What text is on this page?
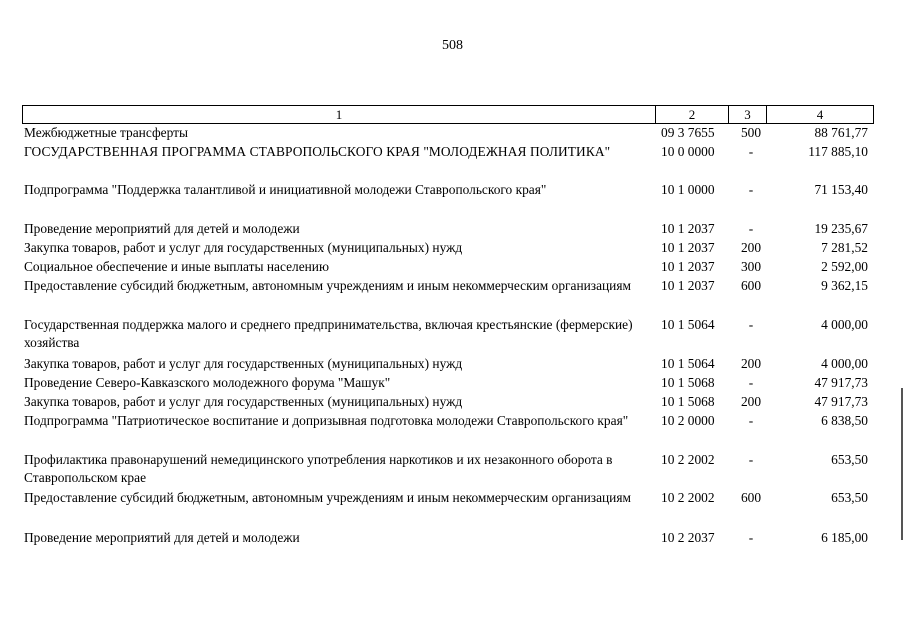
508
1	2	3	4
Межбюджетные трансферты	09 3 7655	500	88 761,77
ГОСУДАРСТВЕННАЯ ПРОГРАММА СТАВРОПОЛЬСКОГО КРАЯ "МОЛОДЕЖНАЯ ПОЛИТИКА"	10 0 0000	-	117 885,10
Подпрограмма "Поддержка талантливой и инициативной молодежи Ставропольского края"	10 1 0000	-	71 153,40
Проведение мероприятий для детей и молодежи	10 1 2037	-	19 235,67
Закупка товаров, работ и услуг для государственных (муниципальных) нужд	10 1 2037	200	7 281,52
Социальное обеспечение и иные выплаты населению	10 1 2037	300	2 592,00
Предоставление субсидий бюджетным, автономным учреждениям и иным некоммерческим организациям 10 1 2037	600	9 362,15
Государственная поддержка малого и среднего предпринимательства, включая крестьянские (фермерские) хозяйства
10 1 5064	-	4 000,00
Закупка товаров, работ и услуг для государственных (муниципальных) нужд	10 1 5064	200	4 000,00
Проведение Северо-Кавказского молодежного форума "Машук"	10 1 5068	-	47 917,73
Закупка товаров, работ и услуг для государственных (муниципальных) нужд	10 1 5068	200	47 917,73
Подпрограмма "Патриотическое воспитание и допризывная подготовка молодежи Ставропольского края"	10 2 0000	-	6 838,50
Профилактика правонарушений немедицинского употребления наркотиков и их незаконного оборота в Ставропольском крае
10 2 2002	-	653,50
Предоставление субсидий бюджетным, автономным учреждениям и иным некоммерческим организациям 10 2 2002	600	653,50
Проведение мероприятий для детей и молодежи	10 2 2037	-	6 185,00
